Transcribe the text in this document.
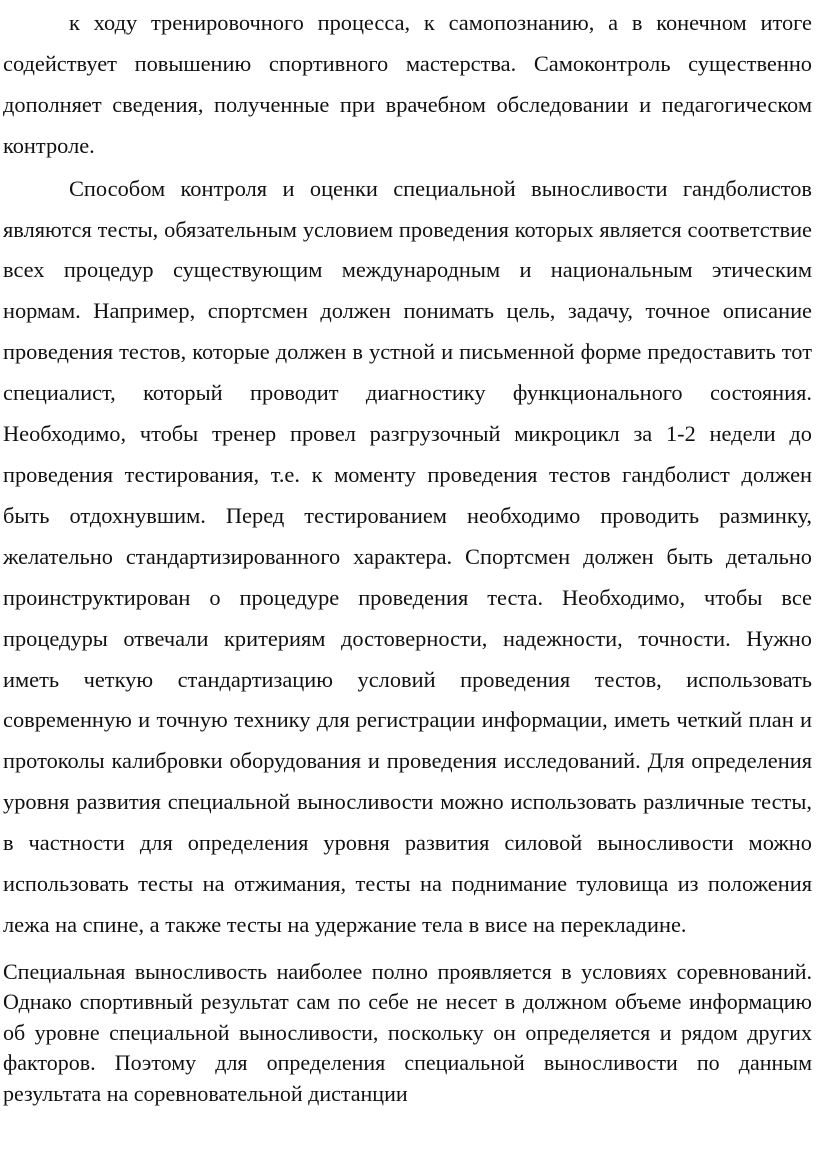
к ходу тренировочного процесса, к самопознанию, а в конечном итоге содействует повышению спортивного мастерства. Самоконтроль существенно дополняет сведения, полученные при врачебном обследовании и педагогическом контроле.

Способом контроля и оценки специальной выносливости гандболистов являются тесты, обязательным условием проведения которых является соответствие всех процедур существующим международным и национальным этическим нормам. Например, спортсмен должен понимать цель, задачу, точное описание проведения тестов, которые должен в устной и письменной форме предоставить тот специалист, который проводит диагностику функционального состояния. Необходимо, чтобы тренер провел разгрузочный микроцикл за 1-2 недели до проведения тестирования, т.е. к моменту проведения тестов гандболист должен быть отдохнувшим. Перед тестированием необходимо проводить разминку, желательно стандартизированного характера. Спортсмен должен быть детально проинструктирован о процедуре проведения теста. Необходимо, чтобы все процедуры отвечали критериям достоверности, надежности, точности. Нужно иметь четкую стандартизацию условий проведения тестов, использовать современную и точную технику для регистрации информации, иметь четкий план и протоколы калибровки оборудования и проведения исследований. Для определения уровня развития специальной выносливости можно использовать различные тесты, в частности для определения уровня развития силовой выносливости можно использовать тесты на отжимания, тесты на поднимание туловища из положения лежа на спине, а также тесты на удержание тела в висе на перекладине.

Специальная выносливость наиболее полно проявляется в условиях соревнований. Однако спортивный результат сам по себе не несет в должном объеме информацию об уровне специальной выносливости, поскольку он определяется и рядом других факторов. Поэтому для определения специальной выносливости по данным результата на соревновательной дистанции
